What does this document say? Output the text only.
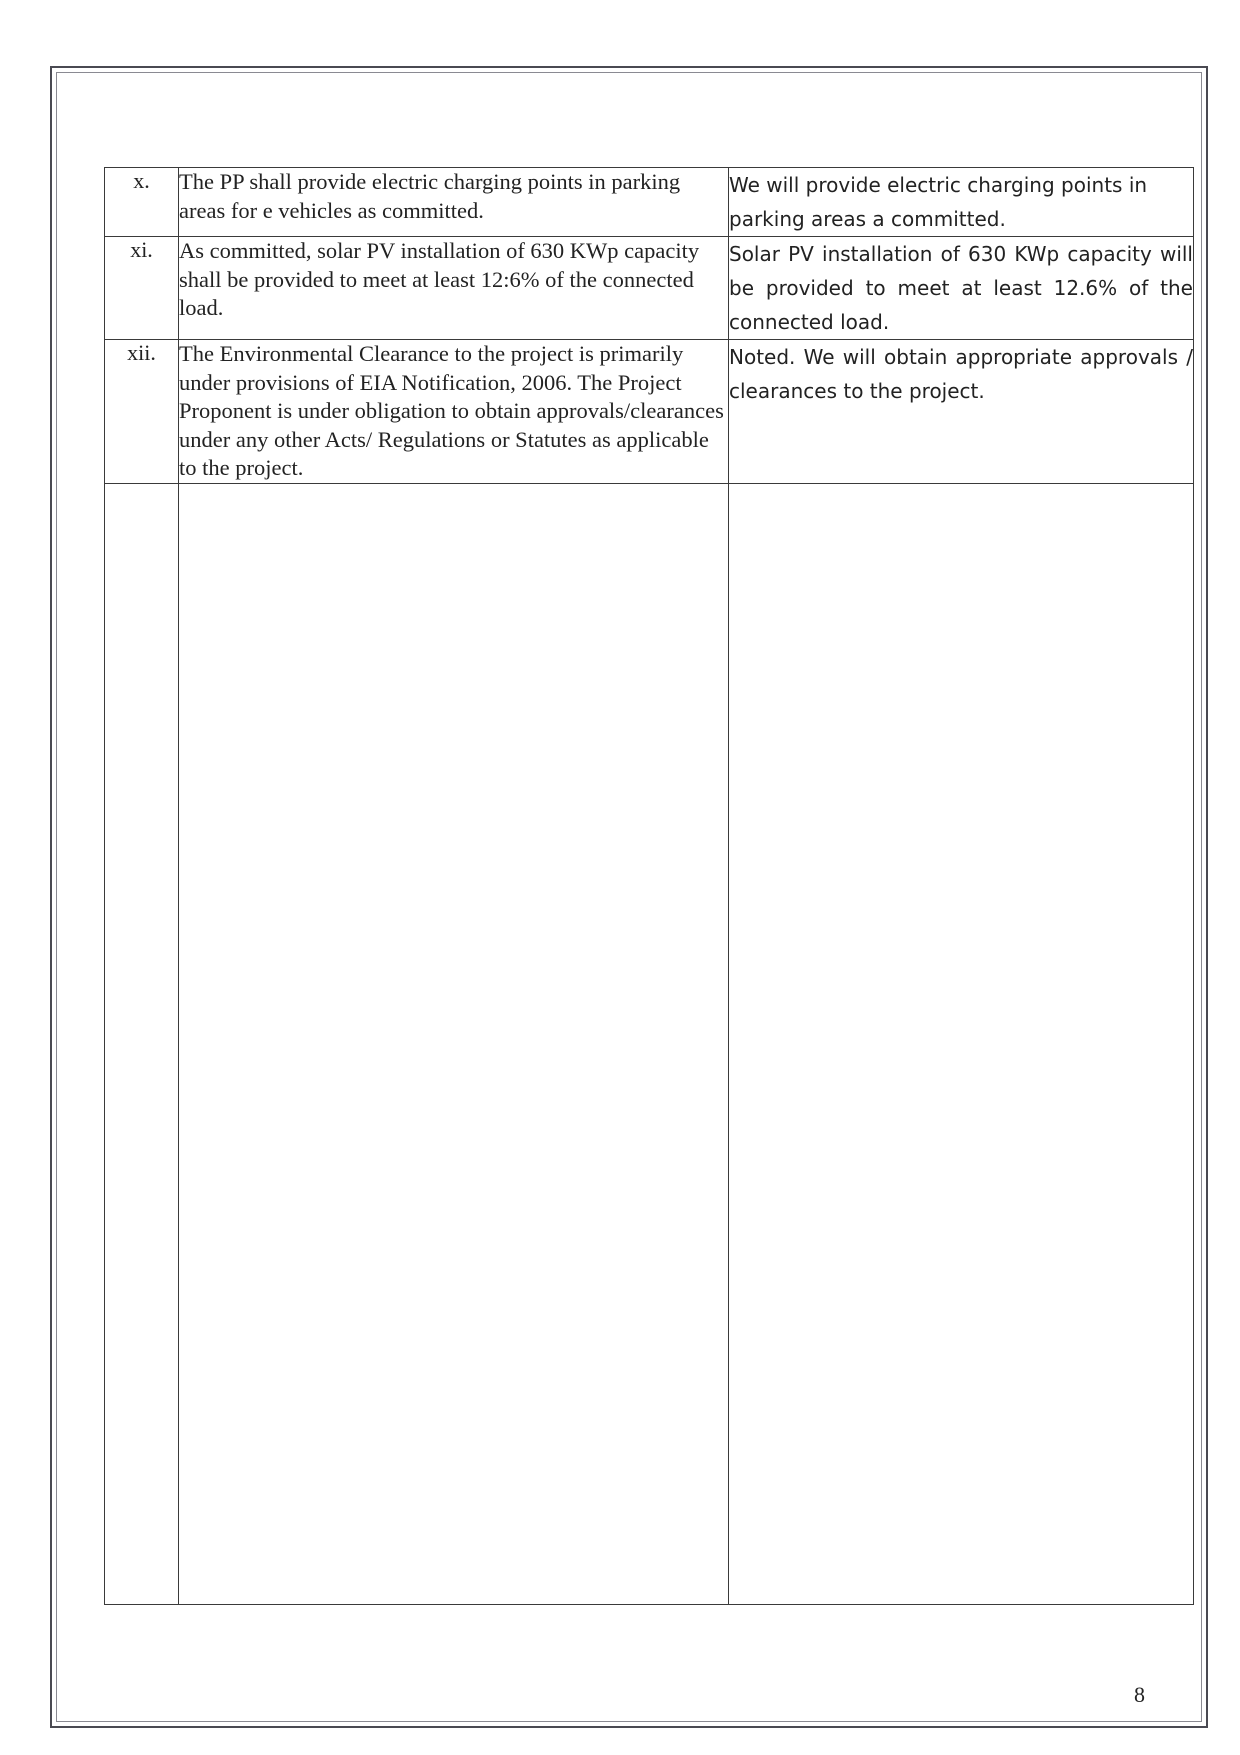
x.	The PP shall provide electric charging points in parking areas for e vehicles as committed.	We will provide electric charging points in parking areas a committed.
xi.	As committed, solar PV installation of 630 KWp capacity shall be provided to meet at least 12:6% of the connected load.	Solar PV installation of 630 KWp capacity will be provided to meet at least 12.6% of the connected load.
xii.	The Environmental Clearance to the project is primarily under provisions of EIA Notification, 2006. The Project Proponent is under obligation to obtain approvals/clearances under any other Acts/ Regulations or Statutes as applicable to the project.	Noted. We will obtain appropriate approvals / clearances to the project.

8
